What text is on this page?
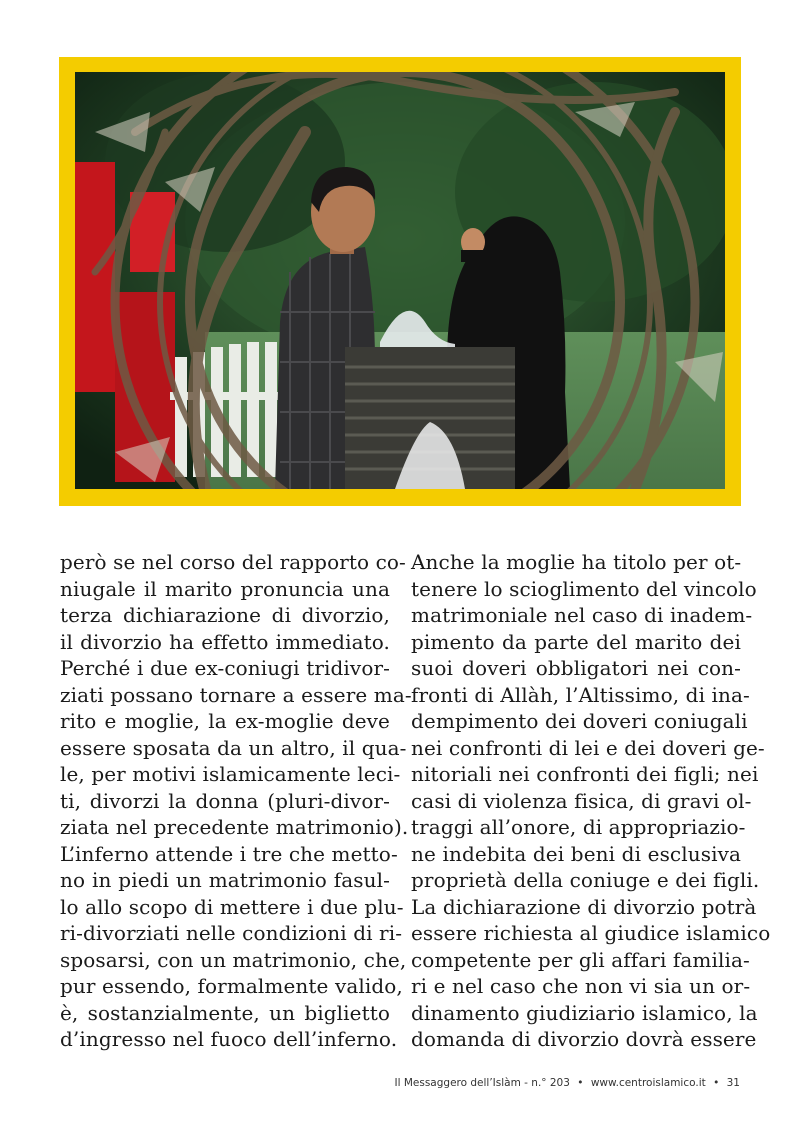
però se nel corso del rapporto co-
niugale il marito pronuncia una
terza dichiarazione di divorzio,
il divorzio ha effetto immediato.
Perché i due ex-coniugi tridivor-
ziati possano tornare a essere ma-
rito e moglie, la ex-moglie deve
essere sposata da un altro, il qua-
le, per motivi islamicamente leci-
ti, divorzi la donna (pluri-divor-
ziata nel precedente matrimonio).
L’inferno attende i tre che metto-
no in piedi un matrimonio fasul-
lo allo scopo di mettere i due plu-
ri-divorziati nelle condizioni di ri-
sposarsi, con un matrimonio, che,
pur essendo, formalmente valido,
è, sostanzialmente, un biglietto
d’ingresso nel fuoco dell’inferno.
Anche la moglie ha titolo per ot-
tenere lo scioglimento del vincolo
matrimoniale nel caso di inadem-
pimento da parte del marito dei
suoi doveri obbligatori nei con-
fronti di Allàh, l’Altissimo, di ina-
dempimento dei doveri coniugali
nei confronti di lei e dei doveri ge-
nitoriali nei confronti dei figli; nei
casi di violenza fisica, di gravi ol-
traggi all’onore, di appropriazio-
ne indebita dei beni di esclusiva
proprietà della coniuge e dei figli.
La dichiarazione di divorzio potrà
essere richiesta al giudice islamico
competente per gli affari familia-
ri e nel caso che non vi sia un or-
dinamento giudiziario islamico, la
domanda di divorzio dovrà essere
Il Messaggero dell’Islàm - n.° 203 • www.centroislamico.it • 31
